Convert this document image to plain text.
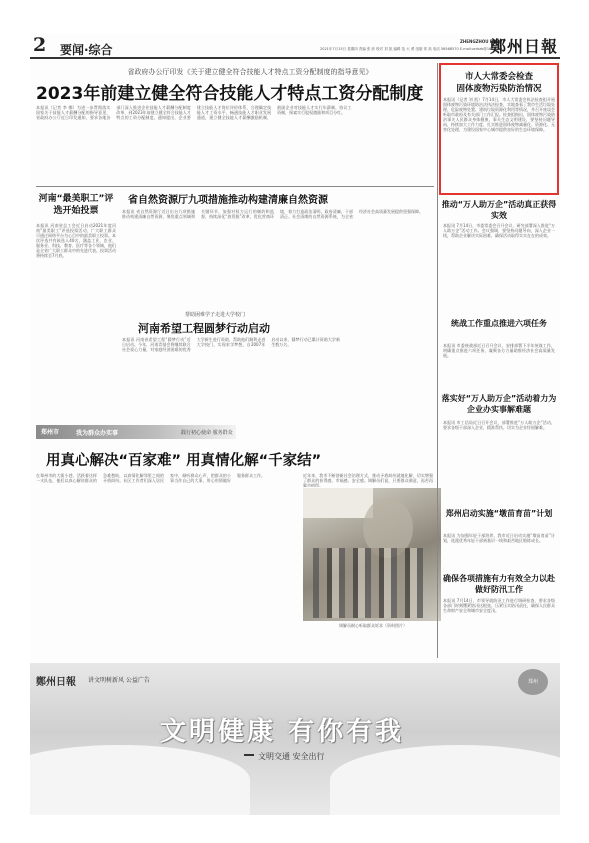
2 要闻·综合	2021年7月15日 星期四 责编 张 欣 校对 刘 凯 编辑 范 大 勇 组版 常 高 电话 56568570 E-mail:zzrbzb@163.com
ZHENGZHOU DAILY
鄭州日報
省政府办公厅印发《关于建立健全符合技能人才特点工资分配制度的指导意见》
2023年前建立健全符合技能人才特点工资分配制度
本报讯（记者 李 娜）为进一步贯彻落实国家关于技能人才薪酬分配的指导意见，省政府办公厅近日印发通知，要求各地各部门深入推进企业技能人才薪酬分配制度改革，到2023年前建立健全符合技能人才特点的工资分配制度。通知提出，企业要建立技能人才岗位评价体系，合理确定技能人才工资水平，畅通技能人才职业发展通道，建立健全技能人才薪酬激励机制，鼓励企业对技能人才实行年薪制、协议工资制，探索实行股权激励和项目分红。
市人大常委会检查
固体废物污染防治情况
本报讯（记者 刘 凯）7月14日，市人大常委会执法检查组开展固体废物污染环境防治法执法检查，实地查看了我市生活垃圾处理、危险废物处置、建筑垃圾资源化利用等情况，并召开座谈会听取市政府及有关部门工作汇报。检查组指出，固体废物污染防治事关人民群众身体健康，事关生态文明建设，要坚持问题导向，持续加大工作力度，扎实推进固体废物减量化、资源化、无害化处理，为建设国家中心城市提供良好的生态环境保障。
河南“最美职工”评选开始投票
本报讯 河南省总工会近日启动2021年度河南“最美职工”评选投票活动，广大职工群众可通过网络平台为心目中的最美职工投票。本次评选共有候选人40名，涵盖工业、农业、服务业、科技、教育、医疗等各个领域，他们是全省广大职工群众中的先进代表。投票活动将持续至7月底。
省自然资源厅九项措施推动构建清廉自然资源
本报讯 省自然资源厅近日出台九项措施推动构建清廉自然资源，聚焦重点领域和关键环节，加强对权力运行的制约和监督，持续深化“放管服”改革，优化营商环境，着力打造政治清明、政府清廉、干部清正、社会清朗的自然资源系统，为全省经济社会高质量发展提供坚强保障。
帮助困难学子走进大学校门
河南希望工程圆梦行动启动
本报讯 河南省希望工程“圆梦行动”近日启动。今年，河南青基会将继续联合社会爱心力量，对家庭经济困难的优秀大学新生进行资助，帮助他们顺利走进大学校门，实现求学梦想。自2007年启动以来，圆梦行动已累计资助大学新生数万名。
郑州市	我为群众办实事	践行初心使命 服务群众
用真心解决“百家难” 用真情化解“千家结”
在郑州市的大街小巷，活跃着这样一支队伍，他们以真心解决群众的急难愁盼，以真情化解邻里之间的矛盾纠纷。社区工作者们深入居民家中，倾听群众心声，把群众的小事当作自己的大事，用心用情做好服务群众工作。	近年来，我市不断创新社会治理方式，推动矛盾纠纷就地化解，切实增强了群众的获得感、幸福感、安全感。调解员们说，只要群众满意，再苦再累也值得。
调解员耐心听取群众诉求（资料图片）
推动“万人助万企”活动真正获得实效
本报讯 7月14日，市委常委会召开会议，研究部署深入推进“万人助万企”活动工作。会议强调，要坚持问题导向，深入企业一线，帮助企业解决实际困难，确保活动取得实实在在的成效。
统战工作重点推进六项任务
本报讯 市委统战部近日召开会议，安排部署下半年统战工作，明确重点推进六项任务，凝聚各方力量助推经济社会高质量发展。
落实好“万人助万企”活动着力为企业办实事解难题
本报讯 市工信局近日召开会议，部署推进“万人助万企”活动，要求各级干部深入企业，精准帮扶，切实为企业纾困解难。
郑州启动实施“墩苗育苗”计划
本报讯 为加强年轻干部培养，我市近日启动实施“墩苗育苗”计划，选派优秀年轻干部到基层一线和艰苦地区锻炼成长。
确保各项措施有力有效全力以赴做好防汛工作
本报讯 7月14日，市领导就防汛工作进行调研检查，要求各级各部门时刻绷紧防汛这根弦，压紧压实防汛责任，确保人民群众生命财产安全和城市安全度汛。
鄭州日報 讲文明树新风 公益广告
文明健康 有你有我
文明交通 安全出行
郑州
